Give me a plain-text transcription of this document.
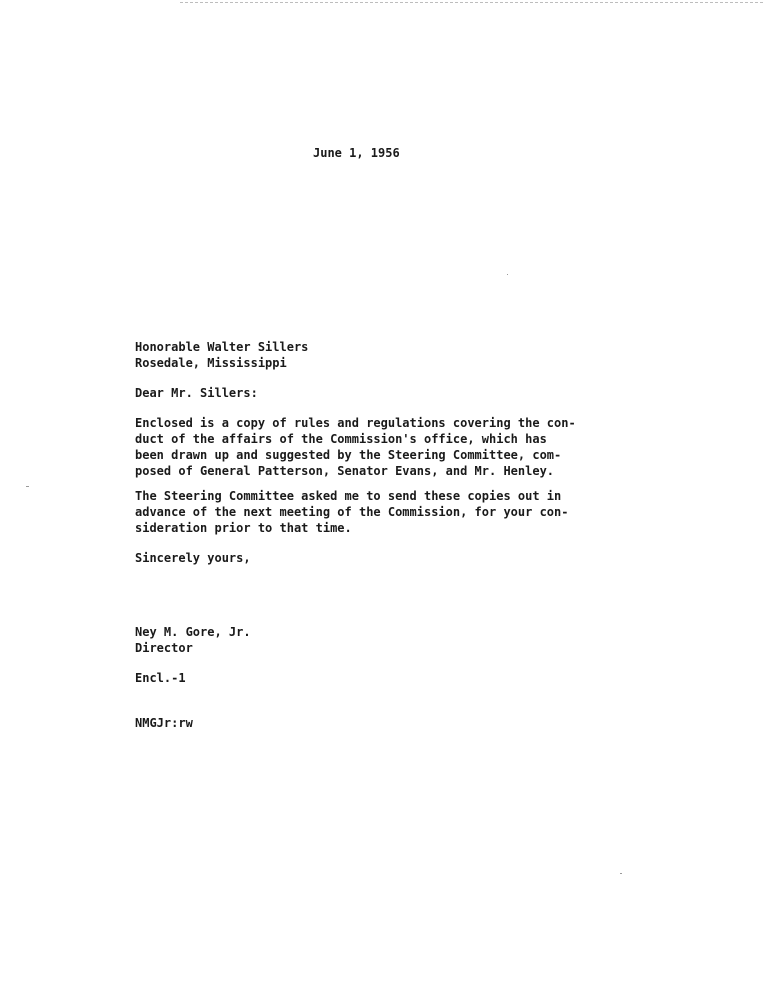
June 1, 1956
Honorable Walter Sillers
Rosedale, Mississippi
Dear Mr. Sillers:
Enclosed is a copy of rules and regulations covering the con-
duct of the affairs of the Commission's office, which has
been drawn up and suggested by the Steering Committee, com-
posed of General Patterson, Senator Evans, and Mr. Henley.
The Steering Committee asked me to send these copies out in
advance of the next meeting of the Commission, for your con-
sideration prior to that time.
Sincerely yours,
Ney M. Gore, Jr.
Director
Encl.-1
NMGJr:rw
